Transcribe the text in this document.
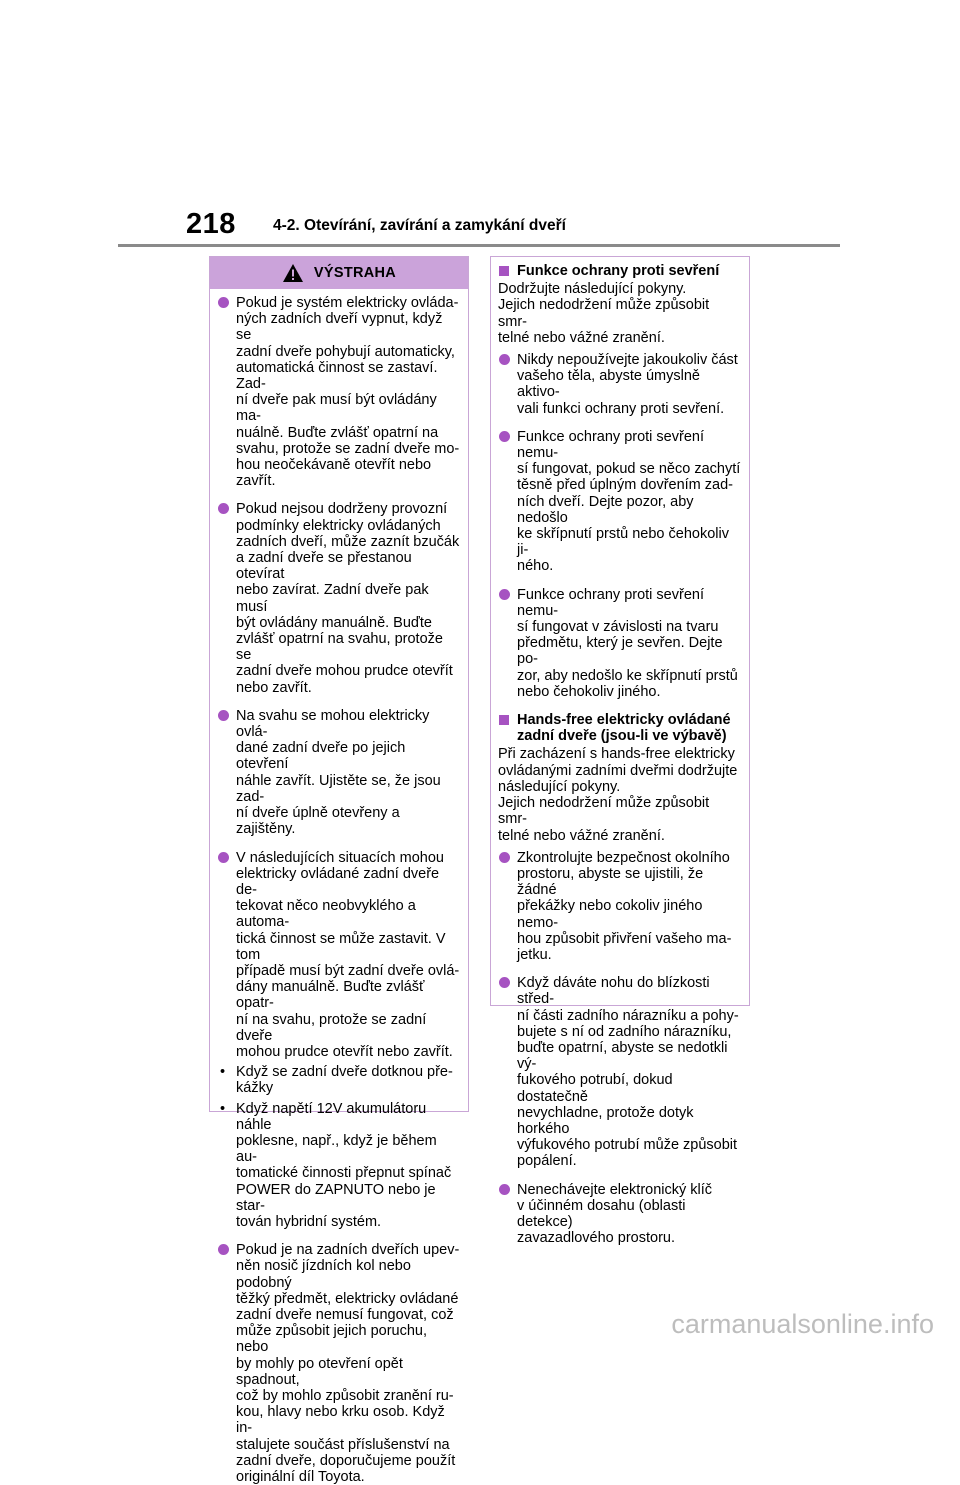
218 4-2. Otevírání, zavírání a zamykání dveří
VÝSTRAHA
Pokud je systém elektricky ovláda-
ných zadních dveří vypnut, když se
zadní dveře pohybují automaticky,
automatická činnost se zastaví. Zad-
ní dveře pak musí být ovládány ma-
nuálně. Buďte zvlášť opatrní na
svahu, protože se zadní dveře mo-
hou neočekávaně otevřít nebo zavřít.
Pokud nejsou dodrženy provozní
podmínky elektricky ovládaných
zadních dveří, může zaznít bzučák
a zadní dveře se přestanou otevírat
nebo zavírat. Zadní dveře pak musí
být ovládány manuálně. Buďte
zvlášť opatrní na svahu, protože se
zadní dveře mohou prudce otevřít
nebo zavřít.
Na svahu se mohou elektricky ovlá-
dané zadní dveře po jejich otevření
náhle zavřít. Ujistěte se, že jsou zad-
ní dveře úplně otevřeny a zajištěny.
V následujících situacích mohou
elektricky ovládané zadní dveře de-
tekovat něco neobvyklého a automa-
tická činnost se může zastavit. V tom
případě musí být zadní dveře ovlá-
dány manuálně. Buďte zvlášť opatr-
ní na svahu, protože se zadní dveře
mohou prudce otevřít nebo zavřít.
• Když se zadní dveře dotknou pře-
kážky
• Když napětí 12V akumulátoru náhle
poklesne, např., když je během au-
tomatické činnosti přepnut spínač
POWER do ZAPNUTO nebo je star-
tován hybridní systém.
Pokud je na zadních dveřích upev-
něn nosič jízdních kol nebo podobný
těžký předmět, elektricky ovládané
zadní dveře nemusí fungovat, což
může způsobit jejich poruchu, nebo
by mohly po otevření opět spadnout,
což by mohlo způsobit zranění ru-
kou, hlavy nebo krku osob. Když in-
stalujete součást příslušenství na
zadní dveře, doporučujeme použít
originální díl Toyota.
Funkce ochrany proti sevření
Dodržujte následující pokyny.
Jejich nedodržení může způsobit smr-
telné nebo vážné zranění.
Nikdy nepoužívejte jakoukoliv část
vašeho těla, abyste úmyslně aktivo-
vali funkci ochrany proti sevření.
Funkce ochrany proti sevření nemu-
sí fungovat, pokud se něco zachytí
těsně před úplným dovřením zad-
ních dveří. Dejte pozor, aby nedošlo
ke skřípnutí prstů nebo čehokoliv ji-
ného.
Funkce ochrany proti sevření nemu-
sí fungovat v závislosti na tvaru
předmětu, který je sevřen. Dejte po-
zor, aby nedošlo ke skřípnutí prstů
nebo čehokoliv jiného.
Hands-free elektricky ovládané
zadní dveře (jsou-li ve výbavě)
Při zacházení s hands-free elektricky
ovládanými zadními dveřmi dodržujte
následující pokyny.
Jejich nedodržení může způsobit smr-
telné nebo vážné zranění.
Zkontrolujte bezpečnost okolního
prostoru, abyste se ujistili, že žádné
překážky nebo cokoliv jiného nemo-
hou způsobit přivření vašeho ma-
jetku.
Když dáváte nohu do blízkosti střed-
ní části zadního nárazníku a pohy-
bujete s ní od zadního nárazníku,
buďte opatrní, abyste se nedotkli vý-
fukového potrubí, dokud dostatečně
nevychladne, protože dotyk horkého
výfukového potrubí může způsobit
popálení.
Nenechávejte elektronický klíč
v účinném dosahu (oblasti detekce)
zavazadlového prostoru.
carmanualsonline.info
